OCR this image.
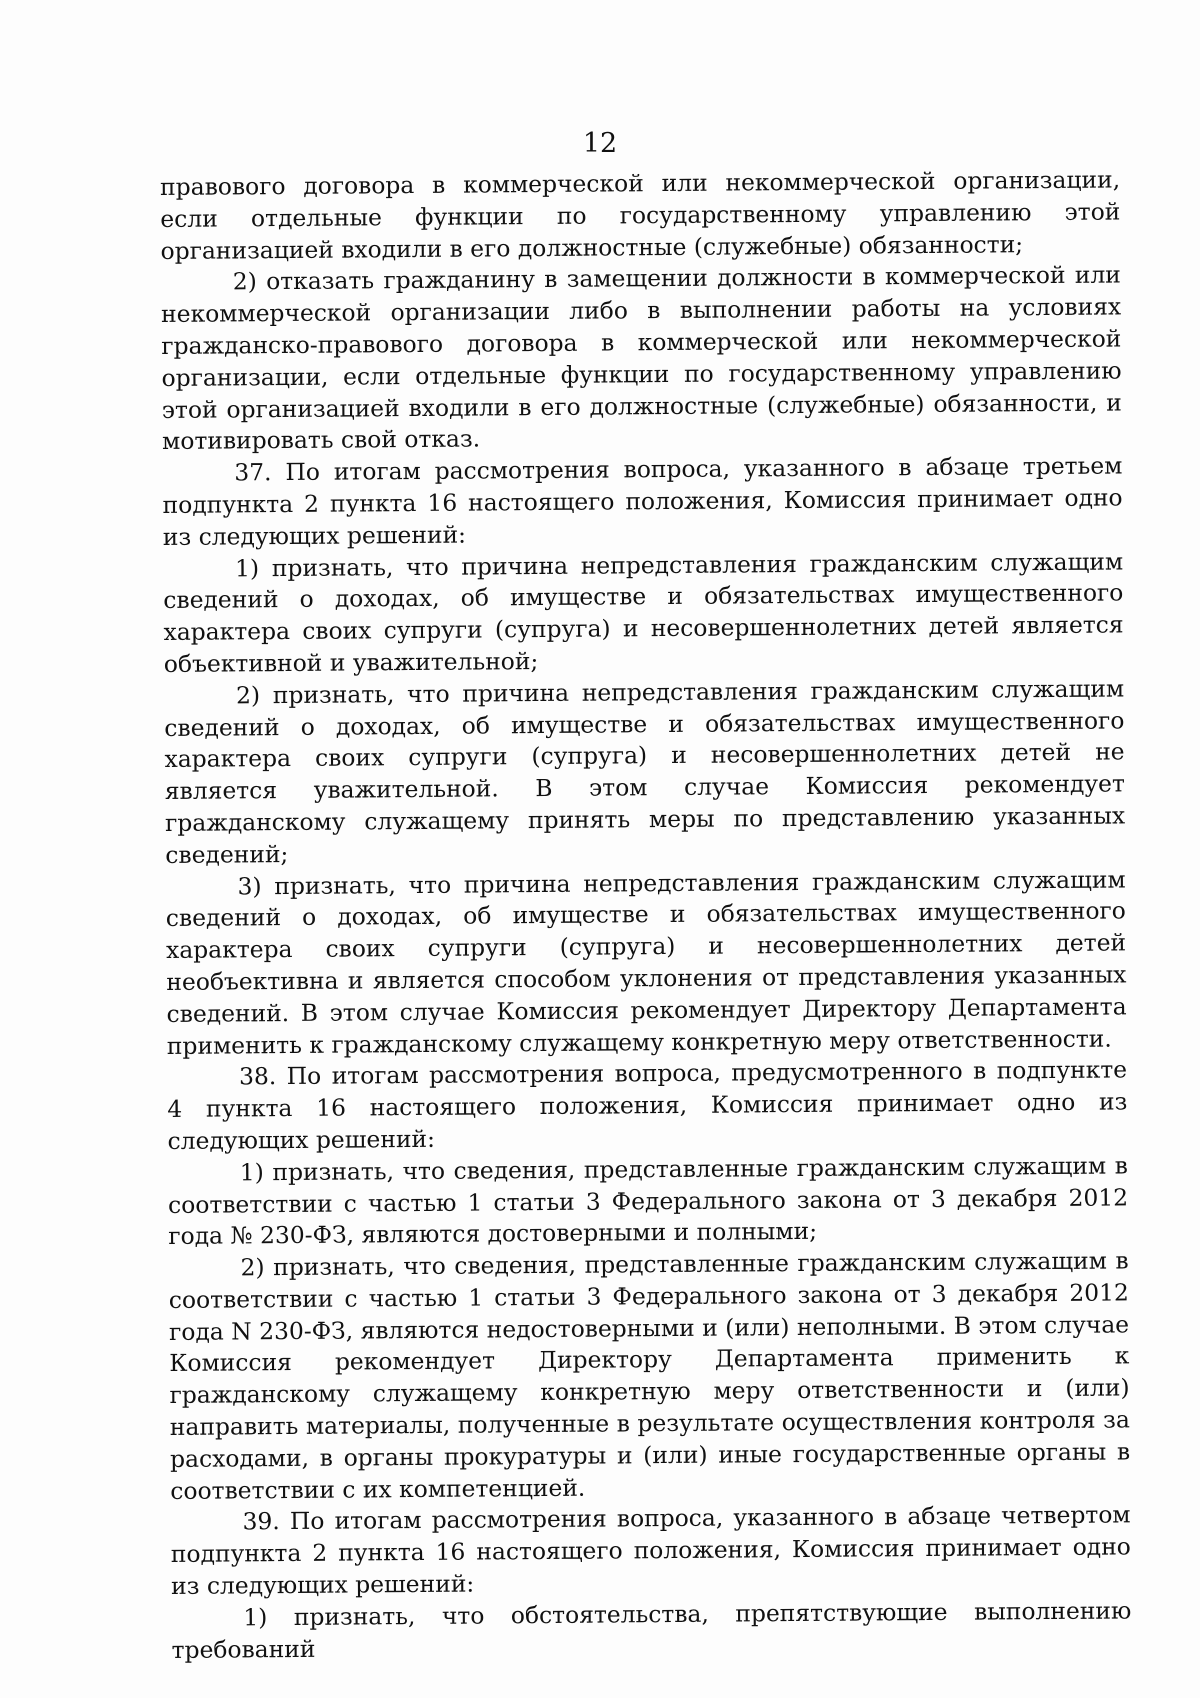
12

правового договора в коммерческой или некоммерческой организации, если отдельные функции по государственному управлению этой организацией входили в его должностные (служебные) обязанности;

2) отказать гражданину в замещении должности в коммерческой или некоммерческой организации либо в выполнении работы на условиях гражданско-правового договора в коммерческой или некоммерческой организации, если отдельные функции по государственному управлению этой организацией входили в его должностные (служебные) обязанности, и мотивировать свой отказ.

37. По итогам рассмотрения вопроса, указанного в абзаце третьем подпункта 2 пункта 16 настоящего положения, Комиссия принимает одно из следующих решений:

1) признать, что причина непредставления гражданским служащим сведений о доходах, об имуществе и обязательствах имущественного характера своих супруги (супруга) и несовершеннолетних детей является объективной и уважительной;

2) признать, что причина непредставления гражданским служащим сведений о доходах, об имуществе и обязательствах имущественного характера своих супруги (супруга) и несовершеннолетних детей не является уважительной. В этом случае Комиссия рекомендует гражданскому служащему принять меры по представлению указанных сведений;

3) признать, что причина непредставления гражданским служащим сведений о доходах, об имуществе и обязательствах имущественного характера своих супруги (супруга) и несовершеннолетних детей необъективна и является способом уклонения от представления указанных сведений. В этом случае Комиссия рекомендует Директору Департамента применить к гражданскому служащему конкретную меру ответственности.

38. По итогам рассмотрения вопроса, предусмотренного в подпункте 4 пункта 16 настоящего положения, Комиссия принимает одно из следующих решений:

1) признать, что сведения, представленные гражданским служащим в соответствии с частью 1 статьи 3 Федерального закона от 3 декабря 2012 года № 230-ФЗ, являются достоверными и полными;

2) признать, что сведения, представленные гражданским служащим в соответствии с частью 1 статьи 3 Федерального закона от 3 декабря 2012 года N 230-ФЗ, являются недостоверными и (или) неполными. В этом случае Комиссия рекомендует Директору Департамента применить к гражданскому служащему конкретную меру ответственности и (или) направить материалы, полученные в результате осуществления контроля за расходами, в органы прокуратуры и (или) иные государственные органы в соответствии с их компетенцией.

39. По итогам рассмотрения вопроса, указанного в абзаце четвертом подпункта 2 пункта 16 настоящего положения, Комиссия принимает одно из следующих решений:

1) признать, что обстоятельства, препятствующие выполнению требований
